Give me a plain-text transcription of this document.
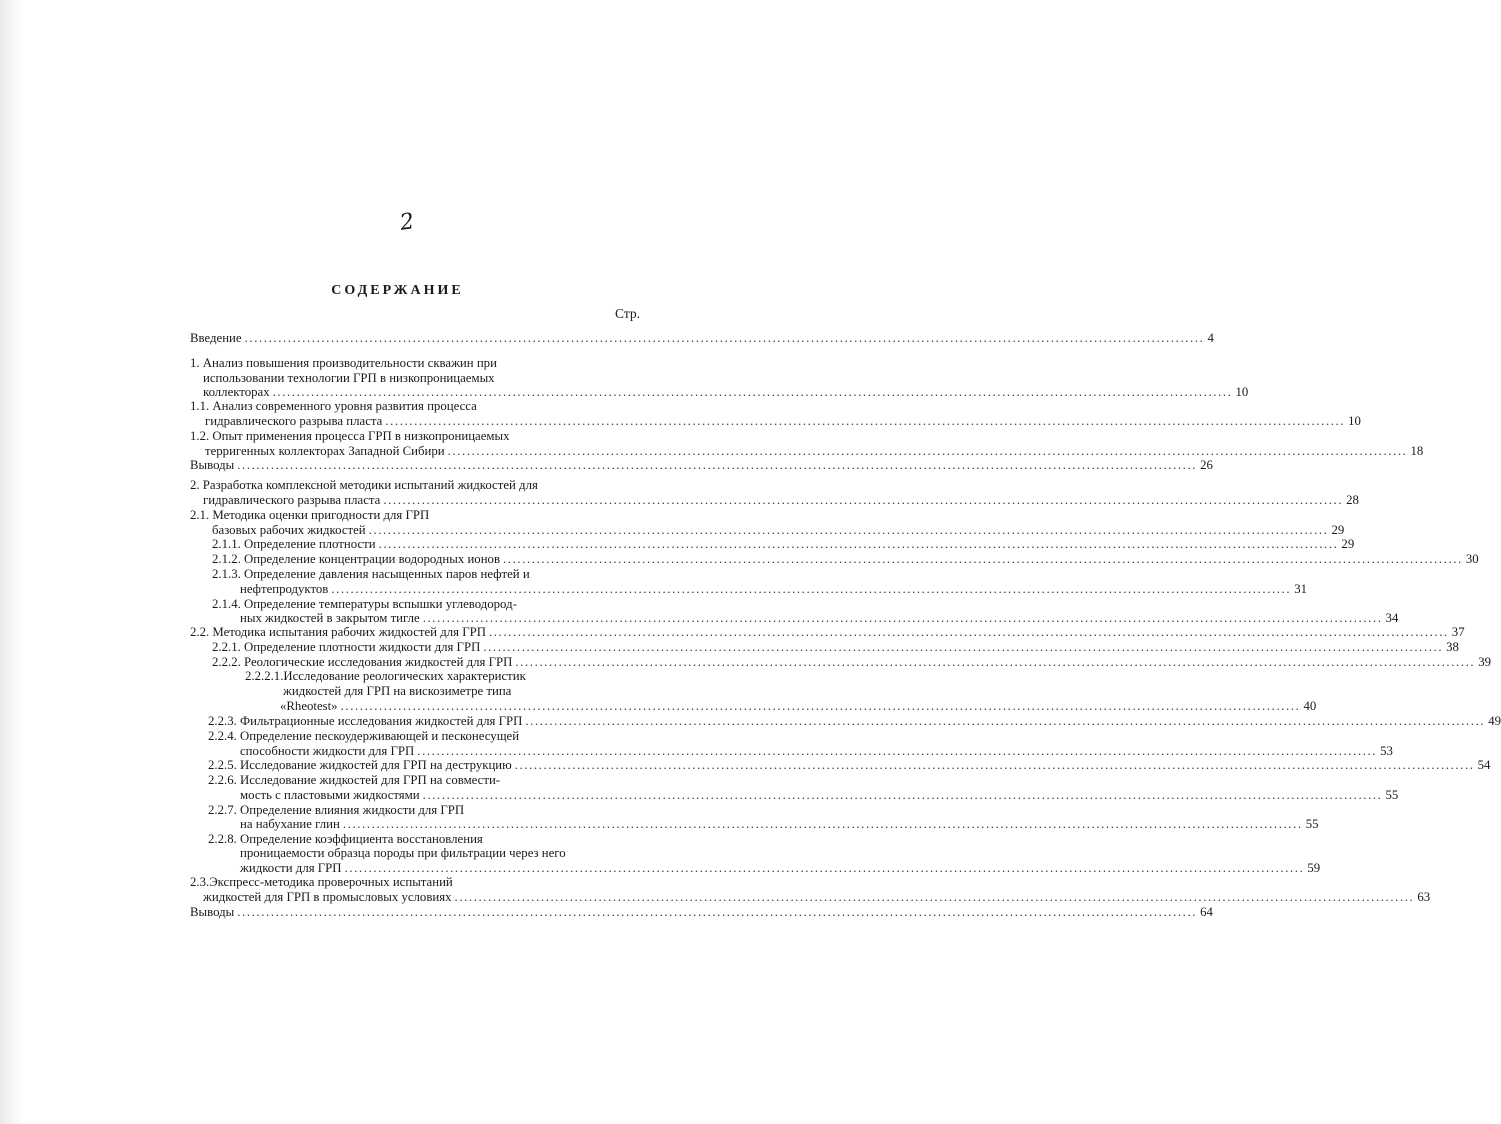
2
СОДЕРЖАНИЕ
Стр.
Введение ........................................................................................................................................................................................................ 4
1. Анализ повышения производительности скважин при
использовании технологии ГРП в низкопроницаемых
коллекторах ........................................................................................................................................................................................................ 10
1.1. Анализ современного уровня развития процесса
гидравлического разрыва пласта ........................................................................................................................................................................................................ 10
1.2. Опыт применения процесса ГРП в низкопроницаемых
терригенных коллекторах Западной Сибири ........................................................................................................................................................................................................ 18
Выводы ........................................................................................................................................................................................................ 26
2. Разработка комплексной методики испытаний жидкостей для
гидравлического разрыва пласта ........................................................................................................................................................................................................ 28
2.1. Методика оценки пригодности для ГРП
базовых рабочих жидкостей ........................................................................................................................................................................................................ 29
2.1.1. Определение плотности ........................................................................................................................................................................................................ 29
2.1.2. Определение концентрации водородных ионов ........................................................................................................................................................................................................ 30
2.1.3. Определение давления насыщенных паров нефтей и
нефтепродуктов ........................................................................................................................................................................................................ 31
2.1.4. Определение температуры вспышки углеводород-
ных жидкостей в закрытом тигле ........................................................................................................................................................................................................ 34
2.2. Методика испытания рабочих жидкостей для ГРП ........................................................................................................................................................................................................ 37
2.2.1. Определение плотности жидкости для ГРП ........................................................................................................................................................................................................ 38
2.2.2. Реологические исследования жидкостей для ГРП ........................................................................................................................................................................................................ 39
2.2.2.1.Исследование реологических характеристик
жидкостей для ГРП на вискозиметре типа
«Rheotest» ........................................................................................................................................................................................................ 40
2.2.3. Фильтрационные исследования жидкостей для ГРП ........................................................................................................................................................................................................ 49
2.2.4. Определение пескоудерживающей и песконесущей
способности жидкости для ГРП ........................................................................................................................................................................................................ 53
2.2.5. Исследование жидкостей для ГРП на деструкцию ........................................................................................................................................................................................................ 54
2.2.6. Исследование жидкостей для ГРП на совмести-
мость с пластовыми жидкостями ........................................................................................................................................................................................................ 55
2.2.7. Определение влияния жидкости для ГРП
на набухание глин ........................................................................................................................................................................................................ 55
2.2.8. Определение коэффициента восстановления
проницаемости образца породы при фильтрации через него
жидкости для ГРП ........................................................................................................................................................................................................ 59
2.3.Экспресс-методика проверочных испытаний
жидкостей для ГРП в промысловых условиях ........................................................................................................................................................................................................ 63
Выводы ........................................................................................................................................................................................................ 64
